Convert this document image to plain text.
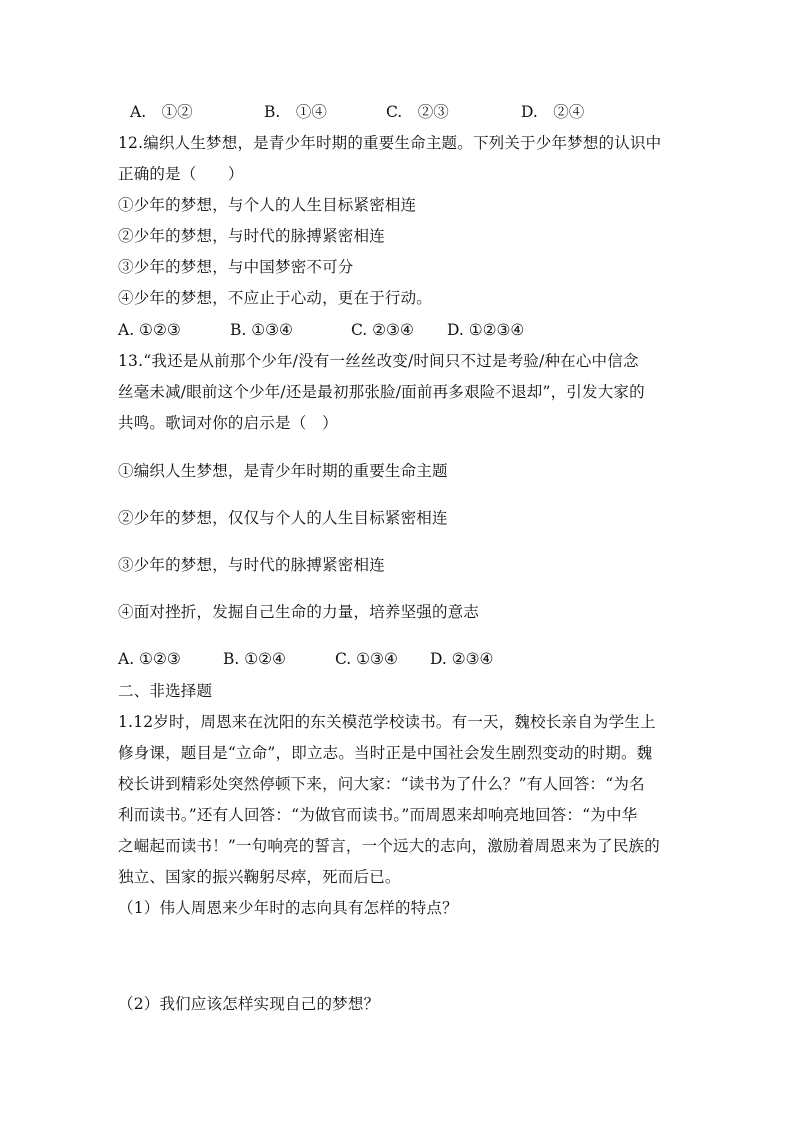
A.　①②	B.　①④	C.　②③	D.　②④
12.编织人生梦想，是青少年时期的重要生命主题。下列关于少年梦想的认识中
正确的是（　　）
①少年的梦想，与个人的人生目标紧密相连
②少年的梦想，与时代的脉搏紧密相连
③少年的梦想，与中国梦密不可分
④少年的梦想，不应止于心动，更在于行动。
A. ①②③	B. ①③④	C. ②③④ D. ①②③④
13.“我还是从前那个少年/没有一丝丝改变/时间只不过是考验/种在心中信念
丝毫未减/眼前这个少年/还是最初那张脸/面前再多艰险不退却”，引发大家的
共鸣。歌词对你的启示是（　）
①编织人生梦想，是青少年时期的重要生命主题
②少年的梦想，仅仅与个人的人生目标紧密相连
③少年的梦想，与时代的脉搏紧密相连
④面对挫折，发掘自己生命的力量，培养坚强的意志
A. ①②③	B. ①②④	C. ①③④ D. ②③④
二、非选择题
1.12岁时，周恩来在沈阳的东关模范学校读书。有一天，魏校长亲自为学生上
修身课，题目是“立命”，即立志。当时正是中国社会发生剧烈变动的时期。魏
校长讲到精彩处突然停顿下来，问大家：“读书为了什么？”有人回答：“为名
利而读书。”还有人回答：“为做官而读书。”而周恩来却响亮地回答：“为中华
之崛起而读书！”一句响亮的誓言，一个远大的志向，激励着周恩来为了民族的
独立、国家的振兴鞠躬尽瘁，死而后已。
（1）伟人周恩来少年时的志向具有怎样的特点？
（2）我们应该怎样实现自己的梦想？
